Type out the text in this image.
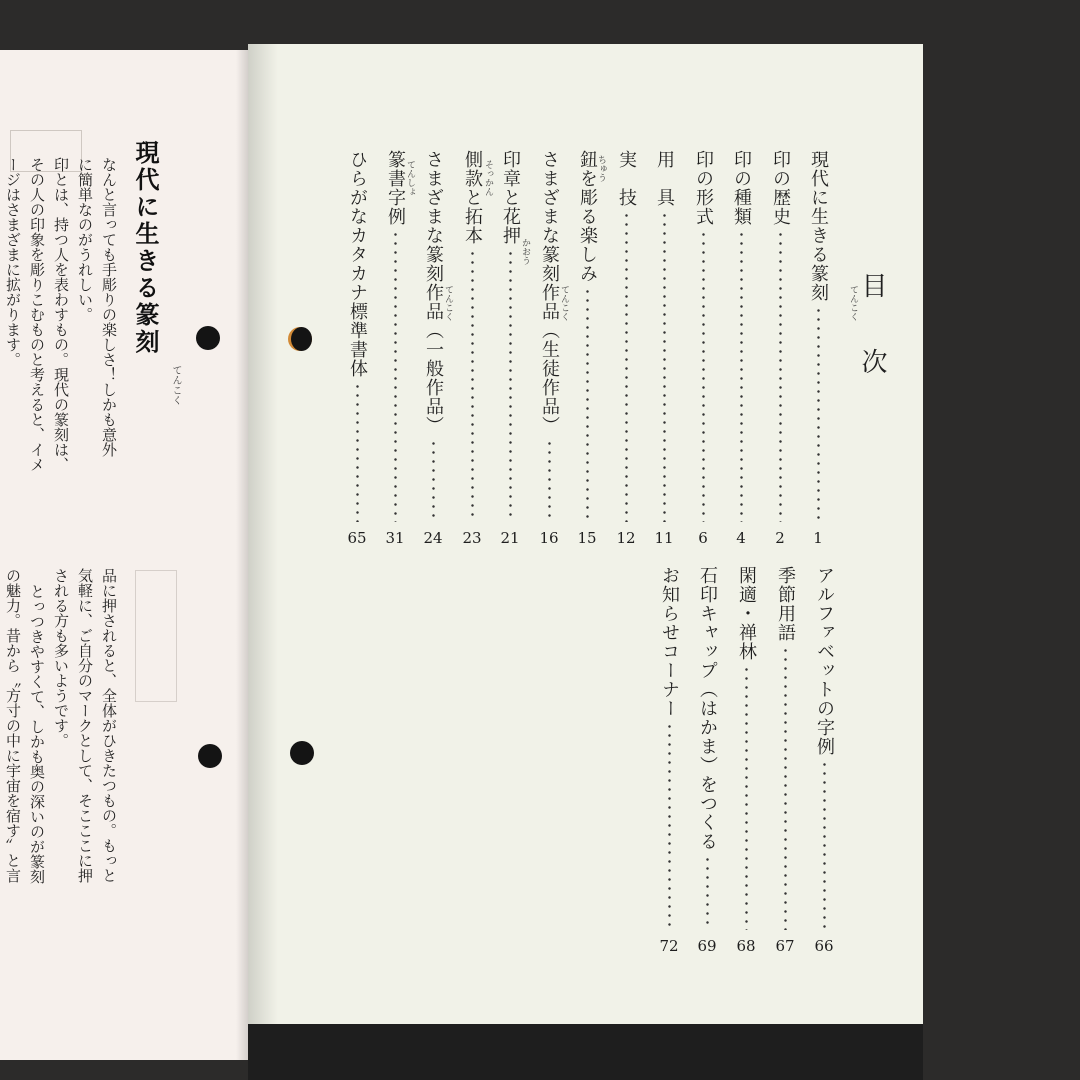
現代に生きる篆刻
てんこく
なんと言っても手彫りの楽しさ！しかも意外
に簡単なのがうれしい。
印とは、持つ人を表わすもの。現代の篆刻は、
その人の印象を彫りこむものと考えると、イメ
ージはさまざまに拡がります。
品に押されると、全体がひきたつもの。もっと
気軽に、ご自分のマークとして、そこここに押
される方も多いようです。
とっつきやすくて、しかも奥の深いのが篆刻
の魅力。昔から〝方寸の中に宇宙を宿す〟と言
目次
現代に生きる篆刻
1
印の歴史
2
印の種類
4
印の形式
6
用　具
11
実　技
12
鈕を彫る楽しみ
15
さまざまな篆刻作品（生徒作品）
16
印章と花押
21
側款と拓本
23
さまざまな篆刻作品（一般作品）
24
篆書字例
31
ひらがなカタカナ標準書体
65
アルファベットの字例
66
季節用語
67
閑適・禅林
68
石印キャップ（はかま）をつくる
69
お知らせコーナー
72
てんこく
ちゅう
てんこく
かおう
そっかん
てんこく
てんしょ
